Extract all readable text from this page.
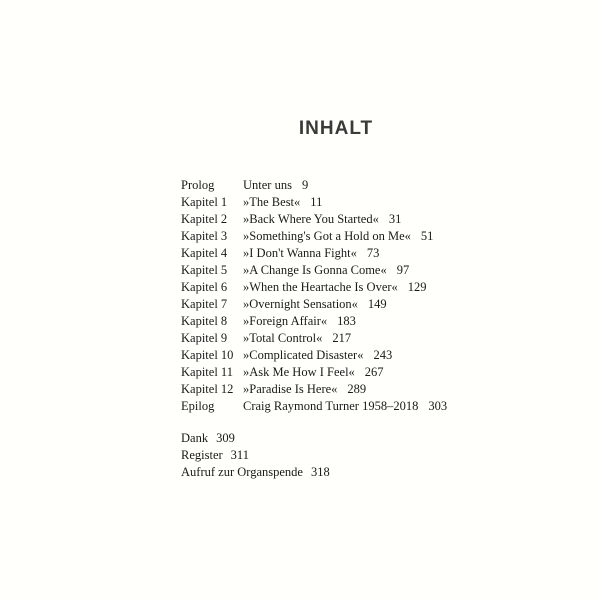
INHALT
Prolog Unter uns 9
Kapitel 1 »The Best« 11
Kapitel 2 »Back Where You Started« 31
Kapitel 3 »Something's Got a Hold on Me« 51
Kapitel 4 »I Don't Wanna Fight« 73
Kapitel 5 »A Change Is Gonna Come« 97
Kapitel 6 »When the Heartache Is Over« 129
Kapitel 7 »Overnight Sensation« 149
Kapitel 8 »Foreign Affair« 183
Kapitel 9 »Total Control« 217
Kapitel 10 »Complicated Disaster« 243
Kapitel 11 »Ask Me How I Feel« 267
Kapitel 12 »Paradise Is Here« 289
Epilog Craig Raymond Turner 1958–2018 303
Dank 309
Register 311
Aufruf zur Organspende 318
